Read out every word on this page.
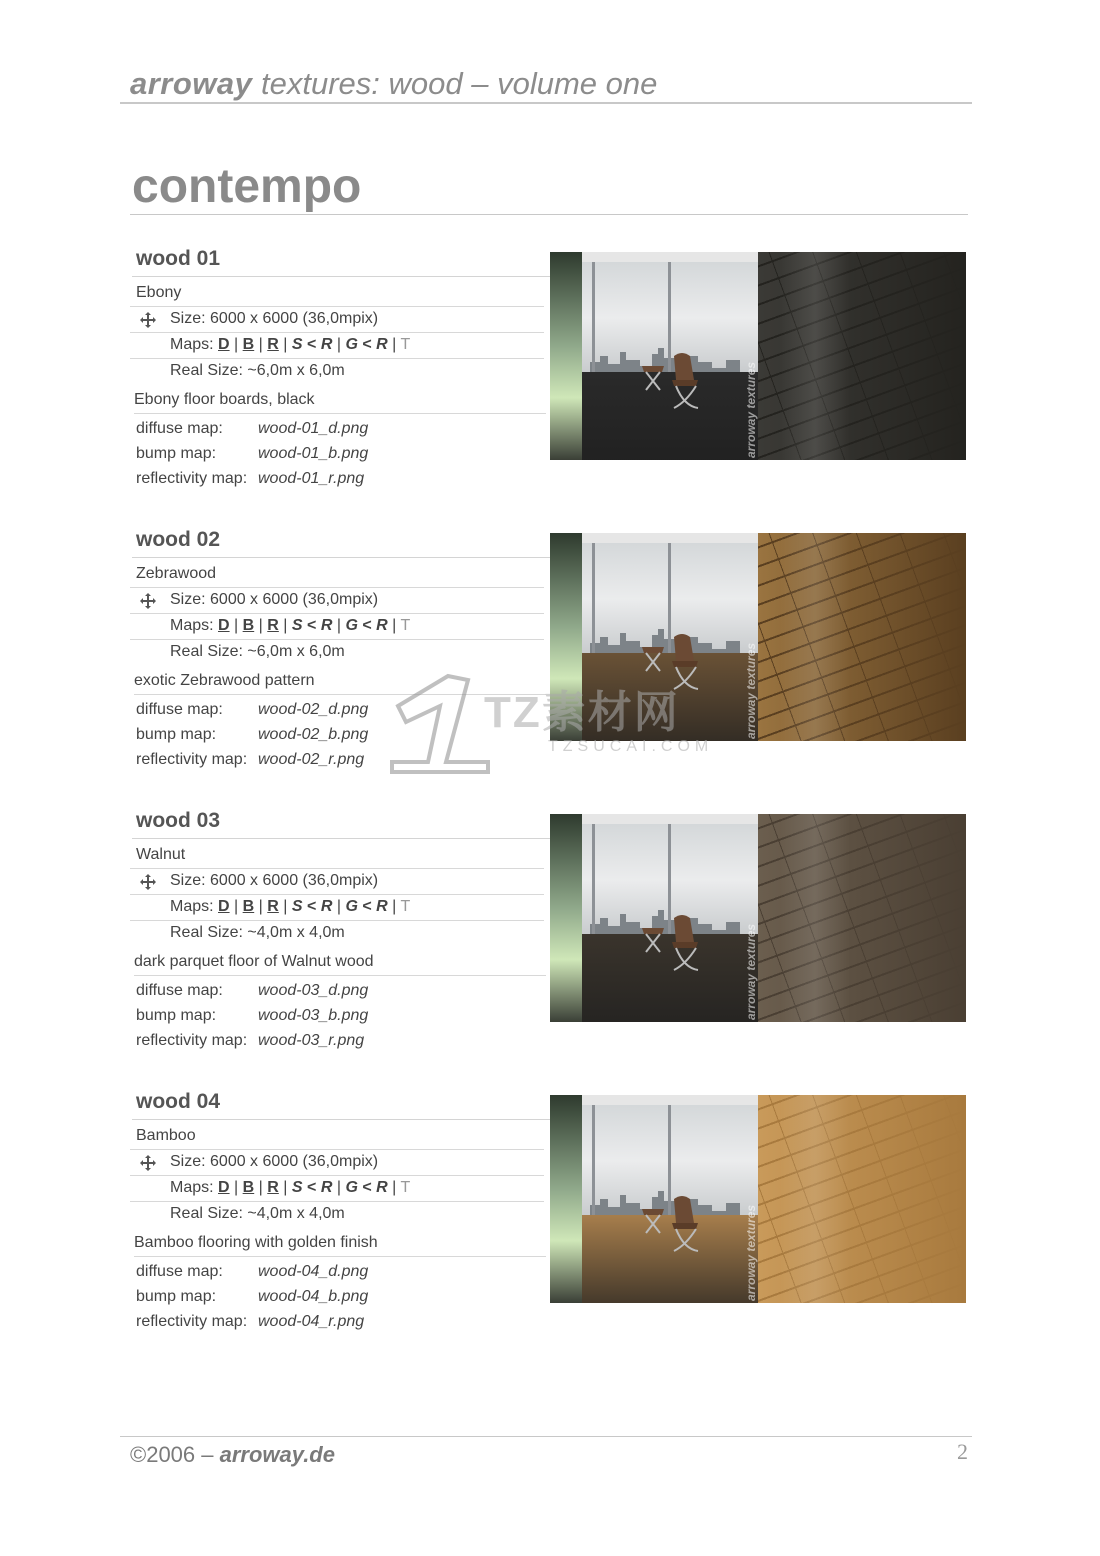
arroway textures: wood – volume one
contempo
wood 01
Ebony
Size: 6000 x 6000 (36,0mpix)
Maps: D | B | R | S < R | G < R | T
Real Size: ~6,0m x 6,0m
Ebony floor boards, black
diffuse map: wood-01_d.png
bump map:	wood-01_b.png
reflectivity map: wood-01_r.png
arroway textures
wood 02
Zebrawood
Size: 6000 x 6000 (36,0mpix)
Maps: D | B | R | S < R | G < R | T
Real Size: ~6,0m x 6,0m
exotic Zebrawood pattern
diffuse map: wood-02_d.png
bump map:	wood-02_b.png
reflectivity map: wood-02_r.png
arroway textures
wood 03
Walnut
Size: 6000 x 6000 (36,0mpix)
Maps: D | B | R | S < R | G < R | T
Real Size: ~4,0m x 4,0m
dark parquet floor of Walnut wood
diffuse map: wood-03_d.png
bump map:	wood-03_b.png
reflectivity map: wood-03_r.png
arroway textures
wood 04
Bamboo
Size: 6000 x 6000 (36,0mpix)
Maps: D | B | R | S < R | G < R | T
Real Size: ~4,0m x 4,0m
Bamboo flooring with golden finish
diffuse map: wood-04_d.png
bump map:	wood-04_b.png
reflectivity map: wood-04_r.png
arroway textures
TZ素材网
TZSUCAI.COM
©2006 – arroway.de	2
